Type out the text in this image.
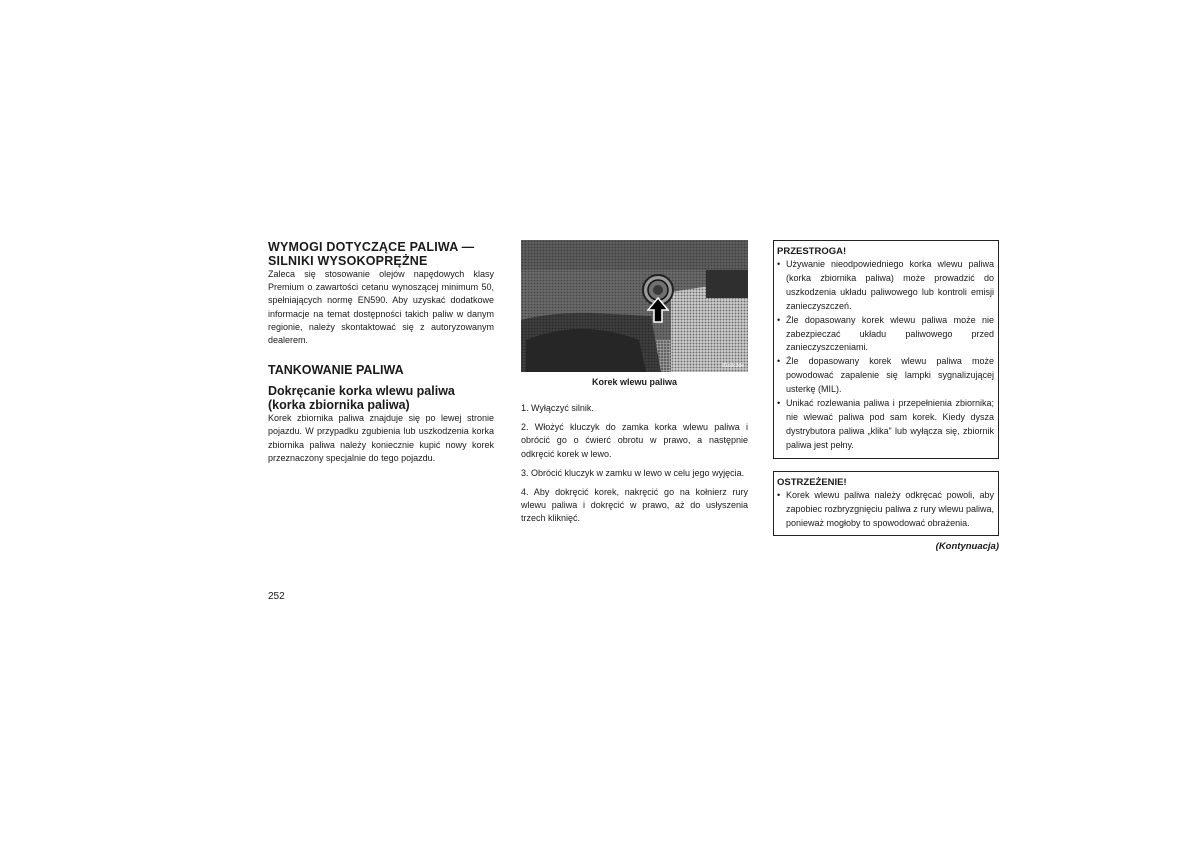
WYMOGI DOTYCZĄCE PALIWA — SILNIKI WYSOKOPRĘŻNE

Zaleca się stosowanie olejów napędowych klasy Premium o zawartości cetanu wynoszącej minimum 50, spełniających normę EN590. Aby uzyskać dodatkowe informacje na temat dostępności takich paliw w danym regionie, należy skontaktować się z autoryzowanym dealerem.

TANKOWANIE PALIWA
Dokręcanie korka wlewu paliwa (korka zbiornika paliwa)

Korek zbiornika paliwa znajduje się po lewej stronie pojazdu. W przypadku zgubienia lub uszkodzenia korka zbiornika paliwa należy koniecznie kupić nowy korek przeznaczony specjalnie do tego pojazdu.

81c8c3de

Korek wlewu paliwa

1. Wyłączyć silnik.

2. Włożyć kluczyk do zamka korka wlewu paliwa i obrócić go o ćwierć obrotu w prawo, a następnie odkręcić korek w lewo.

3. Obrócić kluczyk w zamku w lewo w celu jego wyjęcia.

4. Aby dokręcić korek, nakręcić go na kołnierz rury wlewu paliwa i dokręcić w prawo, aż do usłyszenia trzech kliknięć.

PRZESTROGA!

• Używanie nieodpowiedniego korka wlewu paliwa (korka zbiornika paliwa) może prowadzić do uszkodzenia układu paliwowego lub kontroli emisji zanieczyszczeń.
• Źle dopasowany korek wlewu paliwa może nie zabezpieczać układu paliwowego przed zanieczyszczeniami.
• Źle dopasowany korek wlewu paliwa może powodować zapalenie się lampki sygnalizującej usterkę (MIL).
• Unikać rozlewania paliwa i przepełnienia zbiornika; nie wlewać paliwa pod sam korek. Kiedy dysza dystrybutora paliwa „klika” lub wyłącza się, zbiornik paliwa jest pełny.

OSTRZEŻENIE!

• Korek wlewu paliwa należy odkręcać powoli, aby zapobiec rozbryzgnięciu paliwa z rury wlewu paliwa, ponieważ mogłoby to spowodować obrażenia.
(Kontynuacja)
252
